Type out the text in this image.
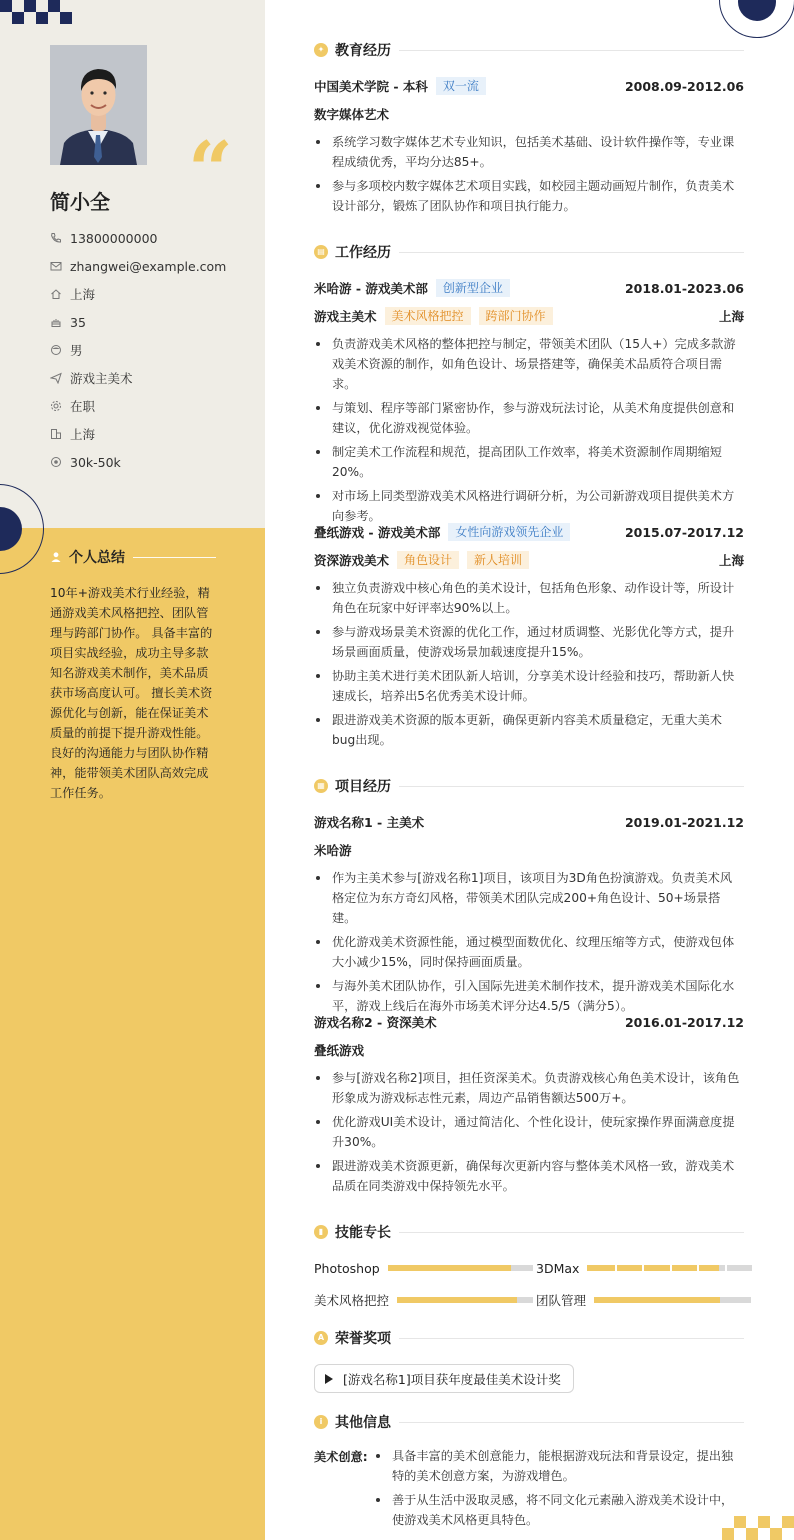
“
简小全
13800000000
zhangwei@example.com
上海
35
男
游戏主美术
在职
上海
30k-50k
个人总结
10年+游戏美术行业经验，精通游戏美术风格把控、团队管理与跨部门协作。 具备丰富的项目实战经验，成功主导多款知名游戏美术制作，美术品质获市场高度认可。 擅长美术资源优化与创新，能在保证美术质量的前提下提升游戏性能。 良好的沟通能力与团队协作精神，能带领美术团队高效完成工作任务。
✦ 教育经历
中国美术学院 - 本科	双一流	2008.09-2012.06
数字媒体艺术
系统学习数字媒体艺术专业知识，包括美术基础、设计软件操作等，专业课程成绩优秀，平均分达85+。
参与多项校内数字媒体艺术项目实践，如校园主题动画短片制作，负责美术设计部分，锻炼了团队协作和项目执行能力。
▤ 工作经历
米哈游 - 游戏美术部	创新型企业	2018.01-2023.06
游戏主美术	美术风格把控	跨部门协作	上海
负责游戏美术风格的整体把控与制定，带领美术团队（15人+）完成多款游戏美术资源的制作，如角色设计、场景搭建等，确保美术品质符合项目需求。
与策划、程序等部门紧密协作，参与游戏玩法讨论，从美术角度提供创意和建议，优化游戏视觉体验。
制定美术工作流程和规范，提高团队工作效率，将美术资源制作周期缩短20%。
对市场上同类型游戏美术风格进行调研分析，为公司新游戏项目提供美术方向参考。
叠纸游戏 - 游戏美术部	女性向游戏领先企业	2015.07-2017.12
资深游戏美术	角色设计	新人培训	上海
独立负责游戏中核心角色的美术设计，包括角色形象、动作设计等，所设计角色在玩家中好评率达90%以上。
参与游戏场景美术资源的优化工作，通过材质调整、光影优化等方式，提升场景画面质量，使游戏场景加载速度提升15%。
协助主美术进行美术团队新人培训，分享美术设计经验和技巧，帮助新人快速成长，培养出5名优秀美术设计师。
跟进游戏美术资源的版本更新，确保更新内容美术质量稳定，无重大美术bug出现。
▦ 项目经历
游戏名称1 - 主美术	2019.01-2021.12
米哈游
作为主美术参与[游戏名称1]项目，该项目为3D角色扮演游戏。负责美术风格定位为东方奇幻风格，带领美术团队完成200+角色设计、50+场景搭建。
优化游戏美术资源性能，通过模型面数优化、纹理压缩等方式，使游戏包体大小减少15%，同时保持画面质量。
与海外美术团队协作，引入国际先进美术制作技术，提升游戏美术国际化水平，游戏上线后在海外市场美术评分达4.5/5（满分5）。
游戏名称2 - 资深美术	2016.01-2017.12
叠纸游戏
参与[游戏名称2]项目，担任资深美术。负责游戏核心角色美术设计，该角色形象成为游戏标志性元素，周边产品销售额达500万+。
优化游戏UI美术设计，通过简洁化、个性化设计，使玩家操作界面满意度提升30%。
跟进游戏美术资源更新，确保每次更新内容与整体美术风格一致，游戏美术品质在同类游戏中保持领先水平。
▮ 技能专长
Photoshop	3DMax
美术风格把控	团队管理
A 荣誉奖项
[游戏名称1]项目获年度最佳美术设计奖
i 其他信息
美术创意:	具备丰富的美术创意能力，能根据游戏玩法和背景设定，提出独特的美术创意方案，为游戏增色。
善于从生活中汲取灵感，将不同文化元素融入游戏美术设计中，使游戏美术风格更具特色。
